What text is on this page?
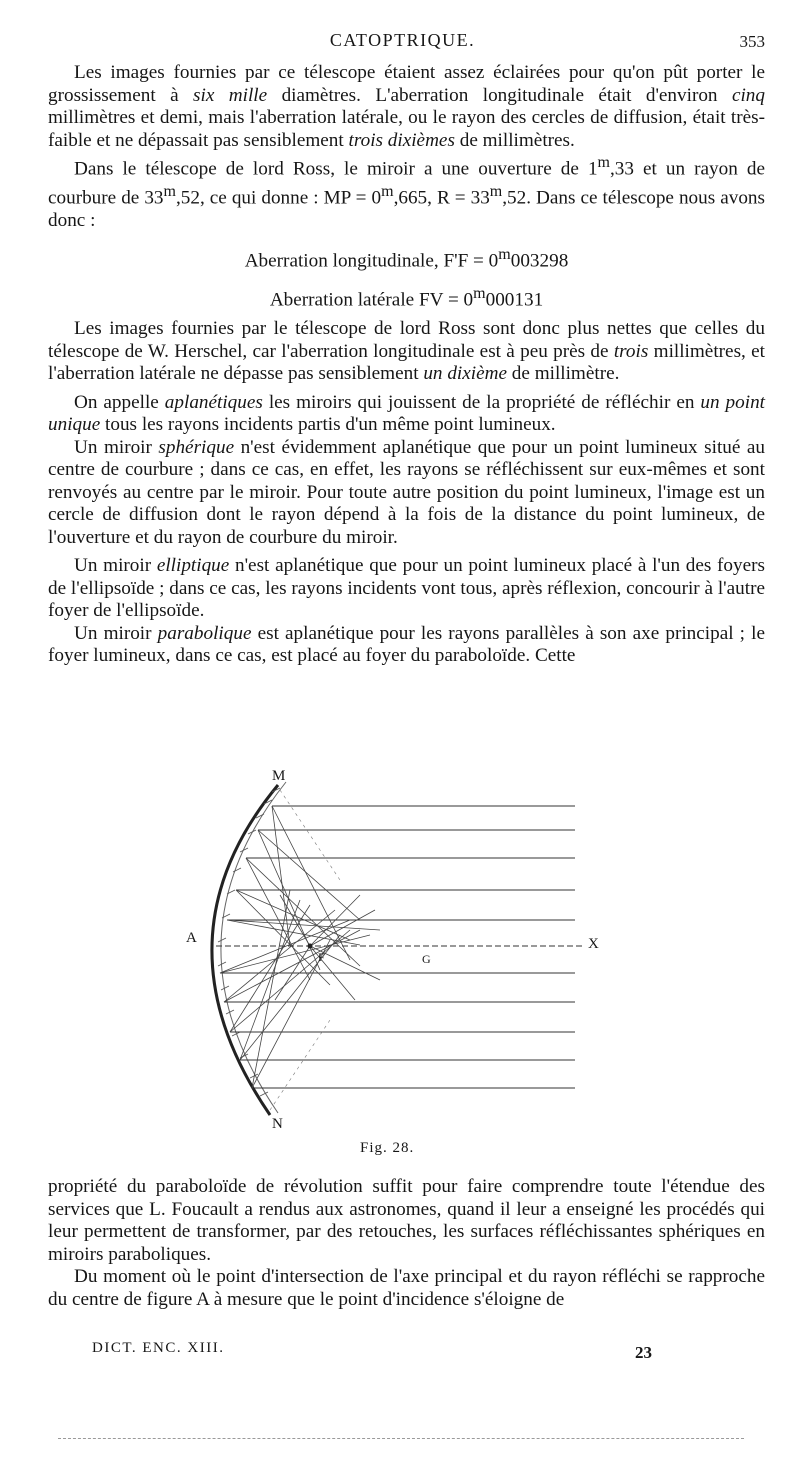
CATOPTRIQUE.	353

Les images fournies par ce télescope étaient assez éclairées pour qu'on pût porter le grossissement à six mille diamètres. L'aberration longitudinale était d'environ cinq millimètres et demi, mais l'aberration latérale, ou le rayon des cercles de diffusion, était très-faible et ne dépassait pas sensiblement trois dixièmes de millimètres.

Dans le télescope de lord Ross, le miroir a une ouverture de 1$^m$,33 et un rayon de courbure de 33$^m$,52, ce qui donne : MP = $0^m,665$, $R = 33^m,52$. Dans ce télescope nous avons donc :

Aberration longitudinale, $F'F = 0^m003298$
Aberration latérale FV = $0^m000131$

Les images fournies par le télescope de lord Ross sont donc plus nettes que celles du télescope de W. Herschel, car l'aberration longitudinale est à peu près de trois millimètres, et l'aberration latérale ne dépasse pas sensiblement un dixième de millimètre.

On appelle aplanétiques les miroirs qui jouissent de la propriété de réfléchir en un point unique tous les rayons incidents partis d'un même point lumineux.

Un miroir sphérique n'est évidemment aplanétique que pour un point lumineux situé au centre de courbure ; dans ce cas, en effet, les rayons se réfléchissent sur eux-mêmes et sont renvoyés au centre par le miroir. Pour toute autre position du point lumineux, l'image est un cercle de diffusion dont le rayon dépend à la fois de la distance du point lumineux, de l'ouverture et du rayon de courbure du miroir.

Un miroir elliptique n'est aplanétique que pour un point lumineux placé à l'un des foyers de l'ellipsoïde ; dans ce cas, les rayons incidents vont tous, après réflexion, concourir à l'autre foyer de l'ellipsoïde.

Un miroir parabolique est aplanétique pour les rayons parallèles à son axe principal ; le foyer lumineux, dans ce cas, est placé au foyer du paraboloïde. Cette

M
A
F	G
X
N
Fig. 28.

propriété du paraboloïde de révolution suffit pour faire comprendre toute l'étendue des services que L. Foucault a rendus aux astronomes, quand il leur a enseigné les procédés qui leur permettent de transformer, par des retouches, les surfaces réfléchissantes sphériques en miroirs paraboliques.

Du moment où le point d'intersection de l'axe principal et du rayon réfléchi se rapproche du centre de figure A à mesure que le point d'incidence s'éloigne de

DICT. ENC. XIII.	23
